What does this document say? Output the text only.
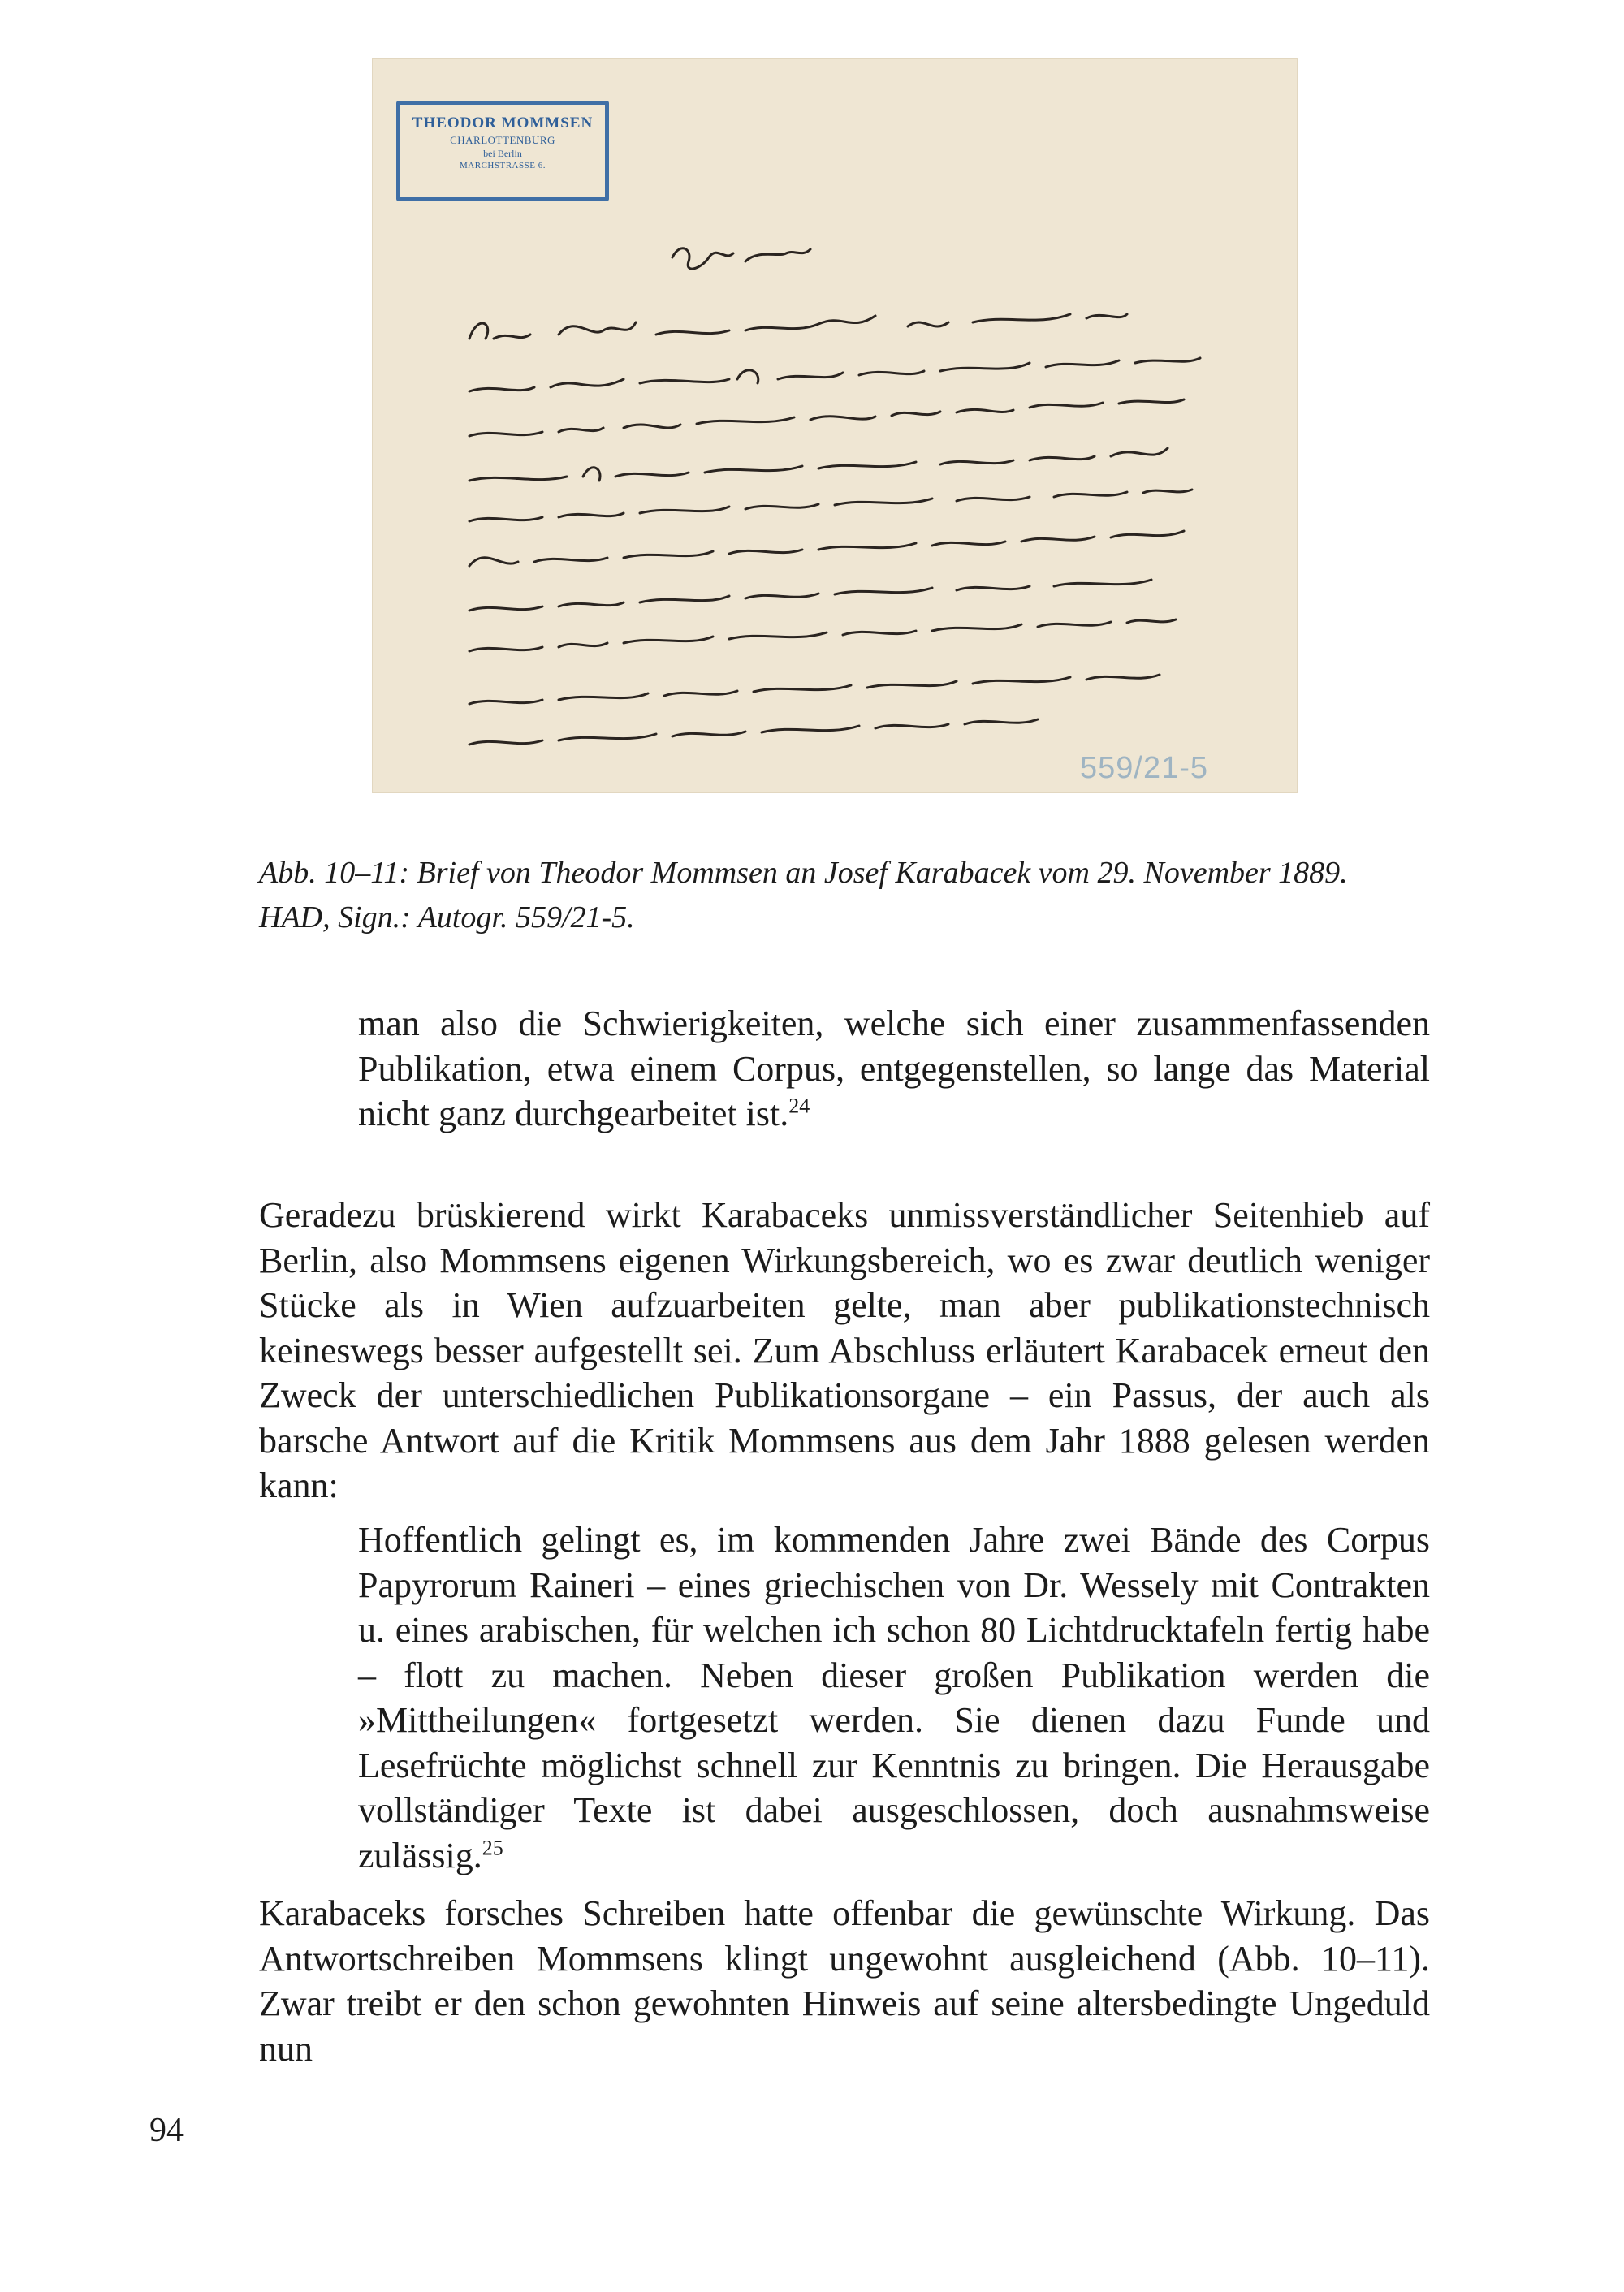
THEODOR MOMMSEN
CHARLOTTENBURG
bei Berlin
MARCHSTRASSE 6.
559/21-5
Abb. 10–11: Brief von Theodor Mommsen an Josef Karabacek vom 29. November 1889.
HAD, Sign.: Autogr. 559/21-5.

man also die Schwierigkeiten, welche sich einer zusammenfassenden Publikation, etwa einem Corpus, entgegenstellen, so lange das Material nicht ganz durchgearbeitet ist.$^{24}$

Geradezu brüskierend wirkt Karabaceks unmissverständlicher Seitenhieb auf Berlin, also Mommsens eigenen Wirkungsbereich, wo es zwar deutlich weniger Stücke als in Wien aufzuarbeiten gelte, man aber publikationstechnisch keineswegs besser aufgestellt sei. Zum Abschluss erläutert Karabacek erneut den Zweck der unterschiedlichen Publikationsorgane – ein Passus, der auch als barsche Antwort auf die Kritik Mommsens aus dem Jahr 1888 gelesen werden kann:

Hoffentlich gelingt es, im kommenden Jahre zwei Bände des Corpus Papyrorum Raineri – eines griechischen von Dr. Wessely mit Contrakten u. eines arabischen, für welchen ich schon 80 Lichtdrucktafeln fertig habe – flott zu machen. Neben dieser großen Publikation werden die »Mittheilungen« fortgesetzt werden. Sie dienen dazu Funde und Lesefrüchte möglichst schnell zur Kenntnis zu bringen. Die Herausgabe vollständiger Texte ist dabei ausgeschlossen, doch ausnahmsweise zulässig.$^{25}$

Karabaceks forsches Schreiben hatte offenbar die gewünschte Wirkung. Das Antwortschreiben Mommsens klingt ungewohnt ausgleichend (Abb. 10–11). Zwar treibt er den schon gewohnten Hinweis auf seine altersbedingte Ungeduld nun

94
